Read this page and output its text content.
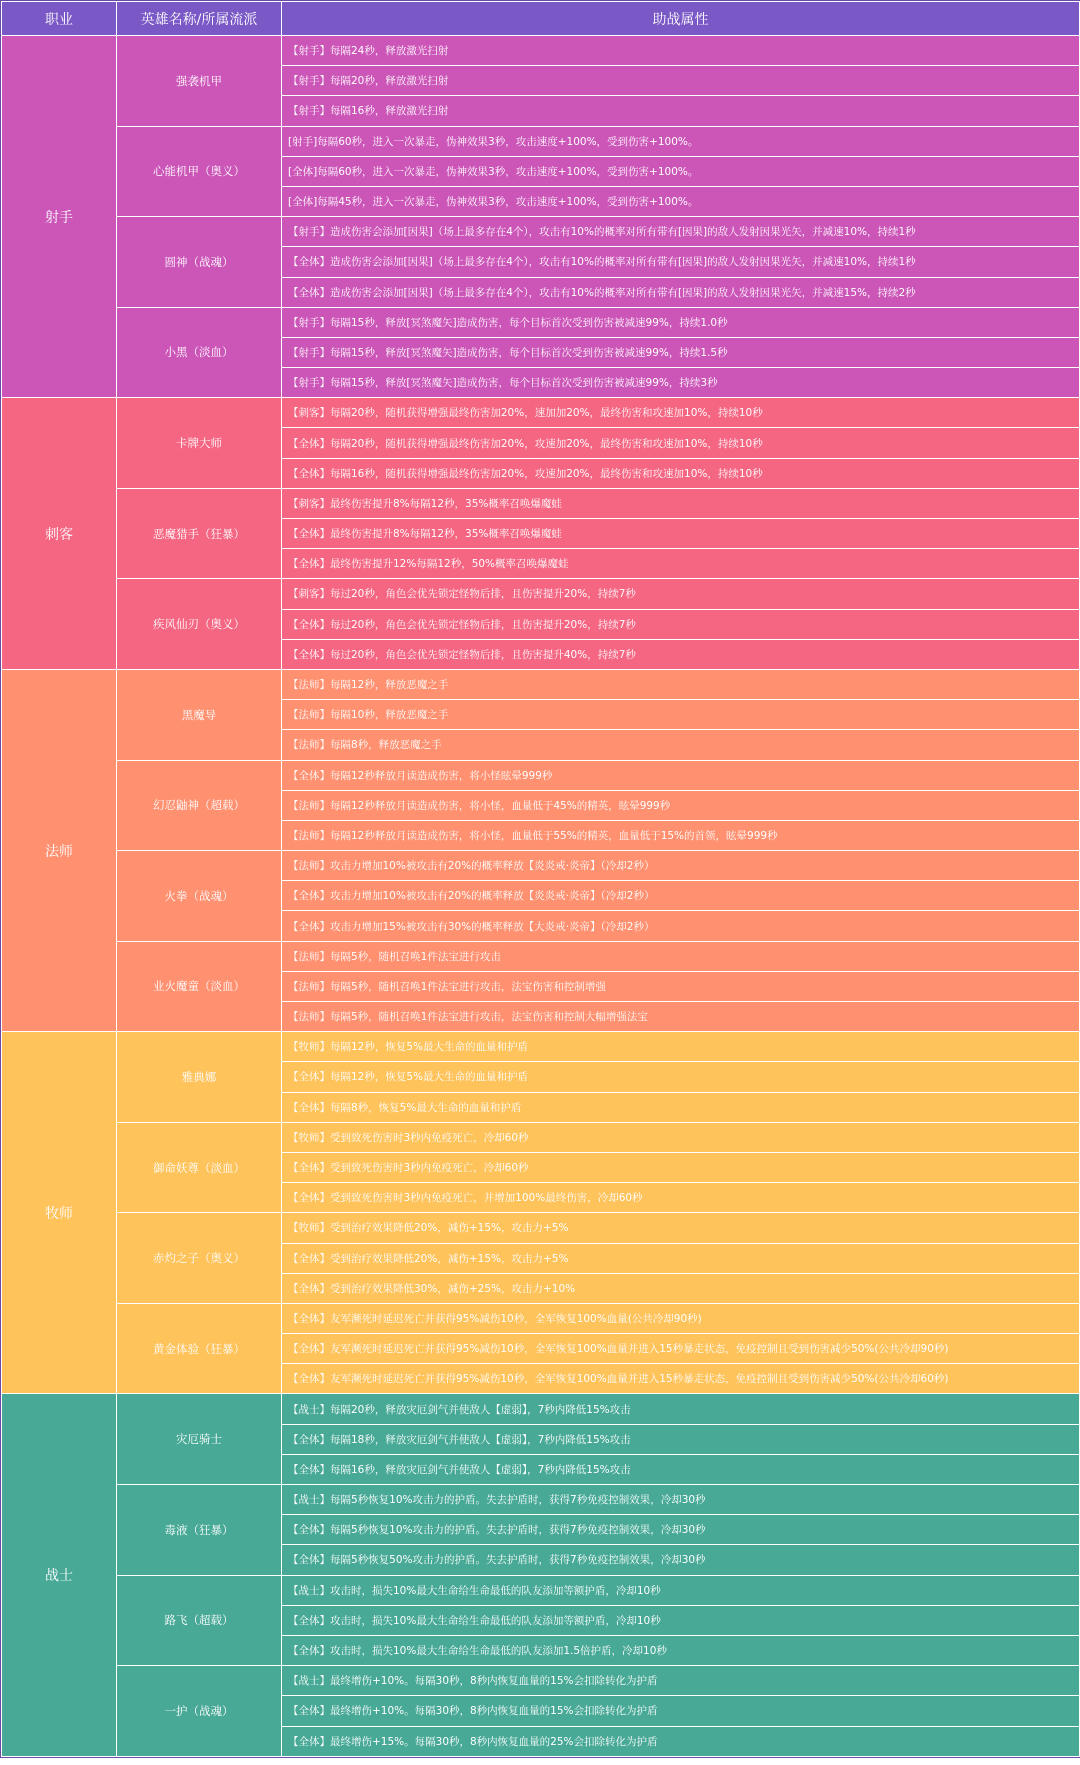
职业	英雄名称/所属流派	助战属性
射手	强袭机甲	【射手】每隔24秒，释放激光扫射
		【射手】每隔20秒，释放激光扫射
		【射手】每隔16秒，释放激光扫射
	心能机甲（奥义）	[射手]每隔60秒，进入一次暴走，伪神效果3秒，攻击速度+100%，受到伤害+100%。
		[全体]每隔60秒，进入一次暴走，伪神效果3秒，攻击速度+100%，受到伤害+100%。
		[全体]每隔45秒，进入一次暴走，伪神效果3秒，攻击速度+100%，受到伤害+100%。
	圆神（战魂）	【射手】造成伤害会添加[因果]（场上最多存在4个），攻击有10%的概率对所有带有[因果]的敌人发射因果光矢，并减速10%，持续1秒
		【全体】造成伤害会添加[因果]（场上最多存在4个），攻击有10%的概率对所有带有[因果]的敌人发射因果光矢，并减速10%，持续1秒
		【全体】造成伤害会添加[因果]（场上最多存在4个），攻击有10%的概率对所有带有[因果]的敌人发射因果光矢，并减速15%，持续2秒
	小黑（淡血）	【射手】每隔15秒，释放[冥煞魔矢]造成伤害，每个目标首次受到伤害被减速99%，持续1.0秒
		【射手】每隔15秒，释放[冥煞魔矢]造成伤害，每个目标首次受到伤害被减速99%，持续1.5秒
		【射手】每隔15秒，释放[冥煞魔矢]造成伤害，每个目标首次受到伤害被减速99%，持续3秒
刺客	卡牌大师	【刺客】每隔20秒，随机获得增强最终伤害加20%，速加加20%，最终伤害和攻速加10%，持续10秒
		【全体】每隔20秒，随机获得增强最终伤害加20%，攻速加20%，最终伤害和攻速加10%，持续10秒
		【全体】每隔16秒，随机获得增强最终伤害加20%，攻速加20%，最终伤害和攻速加10%，持续10秒
	恶魔猎手（狂暴）	【刺客】最终伤害提升8%每隔12秒，35%概率召唤爆魔蛙
		【全体】最终伤害提升8%每隔12秒，35%概率召唤爆魔蛙
		【全体】最终伤害提升12%每隔12秒，50%概率召唤爆魔蛙
	疾风仙刃（奥义）	【刺客】每过20秒，角色会优先锁定怪物后排，且伤害提升20%，持续7秒
		【全体】每过20秒，角色会优先锁定怪物后排，且伤害提升20%，持续7秒
		【全体】每过20秒，角色会优先锁定怪物后排，且伤害提升40%，持续7秒
法师	黑魔导	【法师】每隔12秒，释放恶魔之手
		【法师】每隔10秒，释放恶魔之手
		【法师】每隔8秒，释放恶魔之手
	幻忍鼬神（超载）	【全体】每隔12秒释放月读造成伤害，将小怪眩晕999秒
		【法师】每隔12秒释放月读造成伤害，将小怪，血量低于45%的精英，眩晕999秒
		【法师】每隔12秒释放月读造成伤害，将小怪，血量低于55%的精英，血量低于15%的首领，眩晕999秒
	火拳（战魂）	【法师】攻击力增加10%被攻击有20%的概率释放【炎炎戒·炎帝】（冷却2秒）
		【全体】攻击力增加10%被攻击有20%的概率释放【炎炎戒·炎帝】（冷却2秒）
		【全体】攻击力增加15%被攻击有30%的概率释放【大炎戒·炎帝】（冷却2秒）
	业火魔童（淡血）	【法师】每隔5秒，随机召唤1件法宝进行攻击
		【法师】每隔5秒，随机召唤1件法宝进行攻击，法宝伤害和控制增强
		【法师】每隔5秒，随机召唤1件法宝进行攻击，法宝伤害和控制大幅增强法宝
牧师	雅典娜	【牧师】每隔12秒，恢复5%最大生命的血量和护盾
		【全体】每隔12秒，恢复5%最大生命的血量和护盾
		【全体】每隔8秒，恢复5%最大生命的血量和护盾
	御命妖尊（淡血）	【牧师】受到致死伤害时3秒内免疫死亡，冷却60秒
		【全体】受到致死伤害时3秒内免疫死亡，冷却60秒
		【全体】受到致死伤害时3秒内免疫死亡，并增加100%最终伤害，冷却60秒
	赤灼之子（奥义）	【牧师】受到治疗效果降低20%，减伤+15%，攻击力+5%
		【全体】受到治疗效果降低20%，减伤+15%，攻击力+5%
		【全体】受到治疗效果降低30%，减伤+25%，攻击力+10%
	黄金体验（狂暴）	【全体】友军濒死时延迟死亡并获得95%减伤10秒，全军恢复100%血量(公共冷却90秒)
		【全体】友军濒死时延迟死亡并获得95%减伤10秒，全军恢复100%血量并进入15秒暴走状态，免疫控制且受到伤害减少50%(公共冷却90秒)
		【全体】友军濒死时延迟死亡并获得95%减伤10秒，全军恢复100%血量并进入15秒暴走状态，免疫控制且受到伤害减少50%(公共冷却60秒)
战士	灾厄骑士	【战士】每隔20秒，释放灾厄剑气并使敌人【虚弱】，7秒内降低15%攻击
		【全体】每隔18秒，释放灾厄剑气并使敌人【虚弱】，7秒内降低15%攻击
		【全体】每隔16秒，释放灾厄剑气并使敌人【虚弱】，7秒内降低15%攻击
	毒液（狂暴）	【战士】每隔5秒恢复10%攻击力的护盾。失去护盾时，获得7秒免疫控制效果，冷却30秒
		【全体】每隔5秒恢复10%攻击力的护盾。失去护盾时，获得7秒免疫控制效果，冷却30秒
		【全体】每隔5秒恢复50%攻击力的护盾。失去护盾时，获得7秒免疫控制效果，冷却30秒
	路飞（超载）	【战士】攻击时，损失10%最大生命给生命最低的队友添加等额护盾，冷却10秒
		【全体】攻击时，损失10%最大生命给生命最低的队友添加等额护盾，冷却10秒
		【全体】攻击时，损失10%最大生命给生命最低的队友添加1.5倍护盾，冷却10秒
	一护（战魂）	【战士】最终增伤+10%。每隔30秒，8秒内恢复血量的15%会扣除转化为护盾
		【全体】最终增伤+10%。每隔30秒，8秒内恢复血量的15%会扣除转化为护盾
		【全体】最终增伤+15%。每隔30秒，8秒内恢复血量的25%会扣除转化为护盾
